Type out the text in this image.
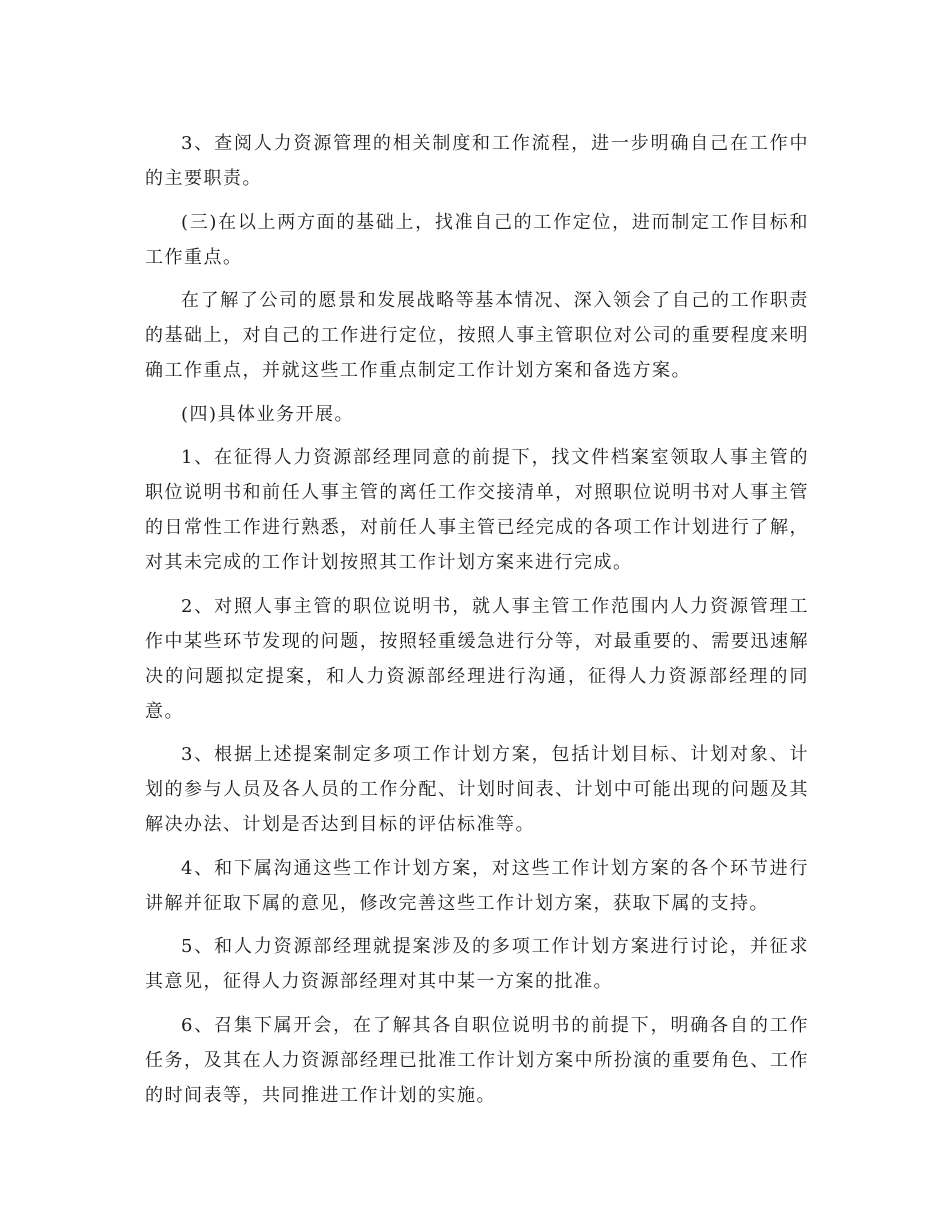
3、查阅人力资源管理的相关制度和工作流程，进一步明确自己在工作中的主要职责。

(三)在以上两方面的基础上，找准自己的工作定位，进而制定工作目标和工作重点。

在了解了公司的愿景和发展战略等基本情况、深入领会了自己的工作职责的基础上，对自己的工作进行定位，按照人事主管职位对公司的重要程度来明确工作重点，并就这些工作重点制定工作计划方案和备选方案。

(四)具体业务开展。

1、在征得人力资源部经理同意的前提下，找文件档案室领取人事主管的职位说明书和前任人事主管的离任工作交接清单，对照职位说明书对人事主管的日常性工作进行熟悉，对前任人事主管已经完成的各项工作计划进行了解，对其未完成的工作计划按照其工作计划方案来进行完成。

2、对照人事主管的职位说明书，就人事主管工作范围内人力资源管理工作中某些环节发现的问题，按照轻重缓急进行分等，对最重要的、需要迅速解决的问题拟定提案，和人力资源部经理进行沟通，征得人力资源部经理的同意。

3、根据上述提案制定多项工作计划方案，包括计划目标、计划对象、计划的参与人员及各人员的工作分配、计划时间表、计划中可能出现的问题及其解决办法、计划是否达到目标的评估标准等。

4、和下属沟通这些工作计划方案，对这些工作计划方案的各个环节进行讲解并征取下属的意见，修改完善这些工作计划方案，获取下属的支持。

5、和人力资源部经理就提案涉及的多项工作计划方案进行讨论，并征求其意见，征得人力资源部经理对其中某一方案的批准。

6、召集下属开会，在了解其各自职位说明书的前提下，明确各自的工作任务，及其在人力资源部经理已批准工作计划方案中所扮演的重要角色、工作的时间表等，共同推进工作计划的实施。
